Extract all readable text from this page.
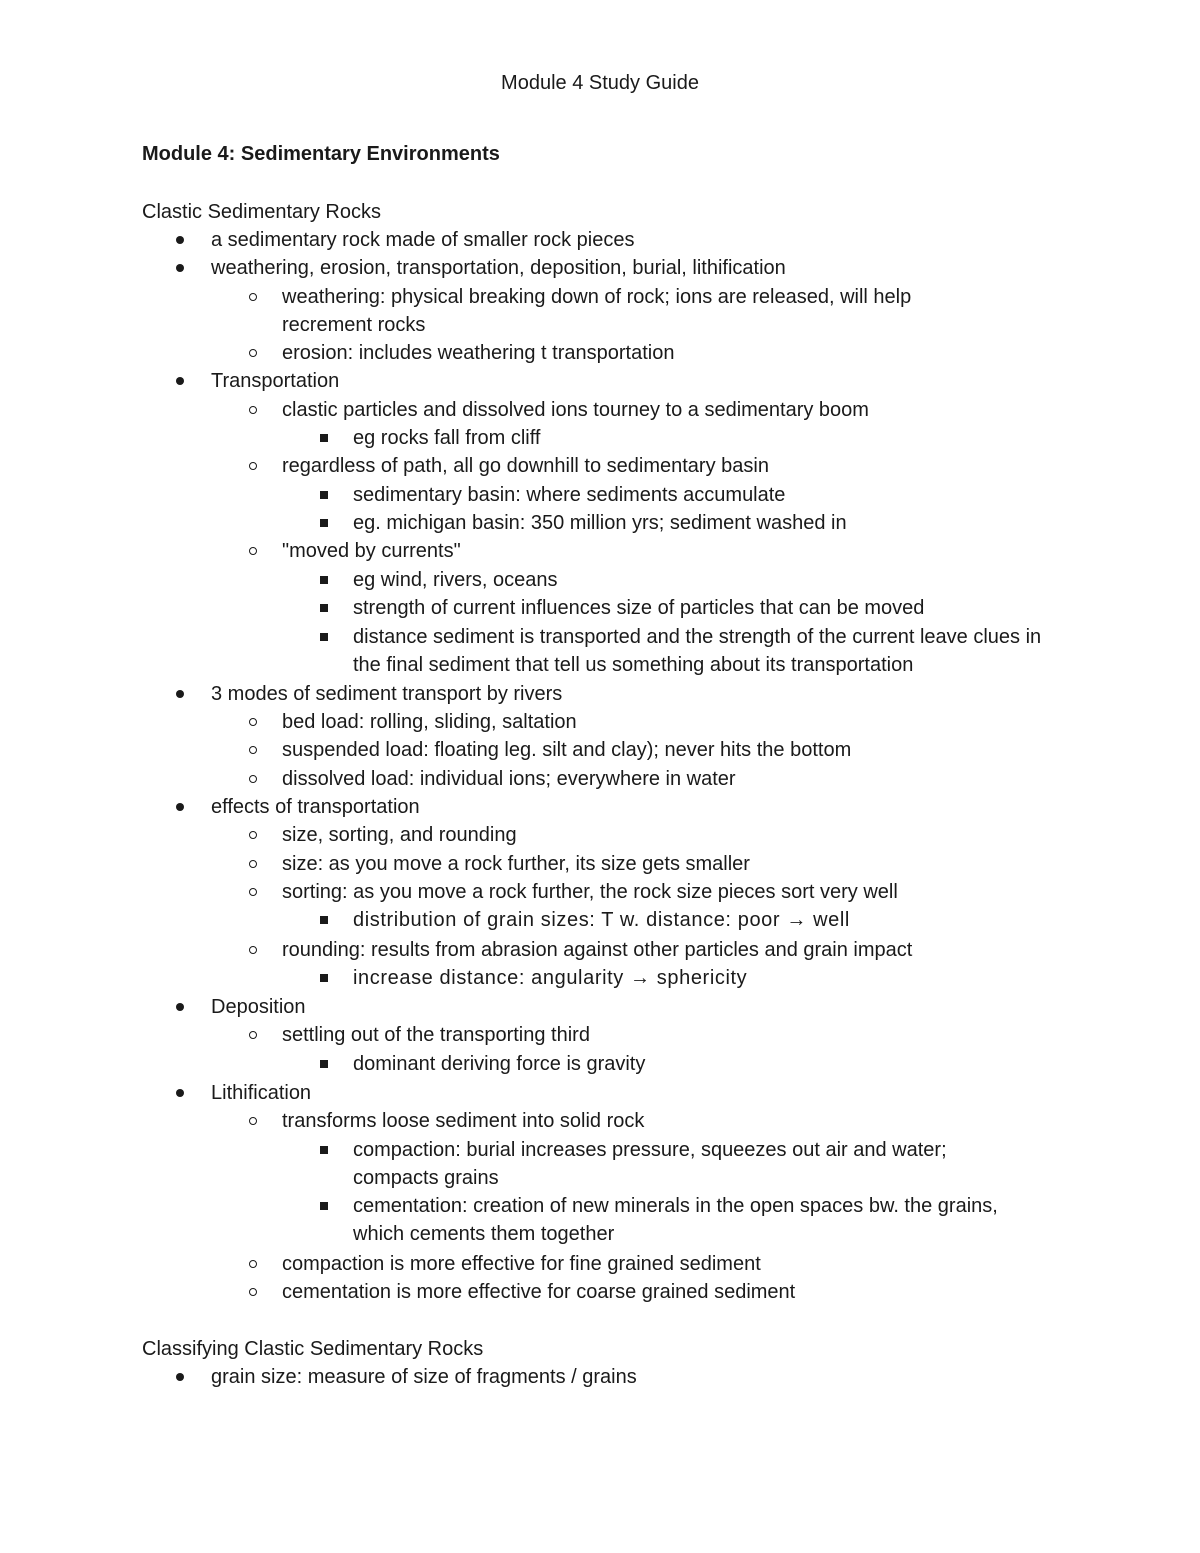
Module 4 Study Guide
Module 4: Sedimentary Environments
Clastic Sedimentary Rocks
a sedimentary rock made of smaller rock pieces
weathering, erosion, transportation, deposition, burial, lithification
weathering: physical breaking down of rock; ions are released, will help recrement rocks
erosion: includes weathering t transportation
Transportation
clastic particles and dissolved ions tourney to a sedimentary boom
eg rocks fall from cliff
regardless of path, all go downhill to sedimentary basin
sedimentary basin: where sediments accumulate
eg. michigan basin: 350 million yrs; sediment washed in
"moved by currents"
eg wind, rivers, oceans
strength of current influences size of particles that can be moved
distance sediment is transported and the strength of the current leave clues in the final sediment that tell us something about its transportation
3 modes of sediment transport by rivers
bed load: rolling, sliding, saltation
suspended load: floating leg. silt and clay); never hits the bottom
dissolved load: individual ions; everywhere in water
effects of transportation
size, sorting, and rounding
size: as you move a rock further, its size gets smaller
sorting: as you move a rock further, the rock size pieces sort very well
distribution of grain sizes: T w. distance: poor → well
rounding: results from abrasion against other particles and grain impact
increase distance: angularity → sphericity
Deposition
settling out of the transporting third
dominant deriving force is gravity
Lithification
transforms loose sediment into solid rock
compaction: burial increases pressure, squeezes out air and water; compacts grains
cementation: creation of new minerals in the open spaces bw. the grains, which cements them together
compaction is more effective for fine grained sediment
cementation is more effective for coarse grained sediment
Classifying Clastic Sedimentary Rocks
grain size: measure of size of fragments / grains
